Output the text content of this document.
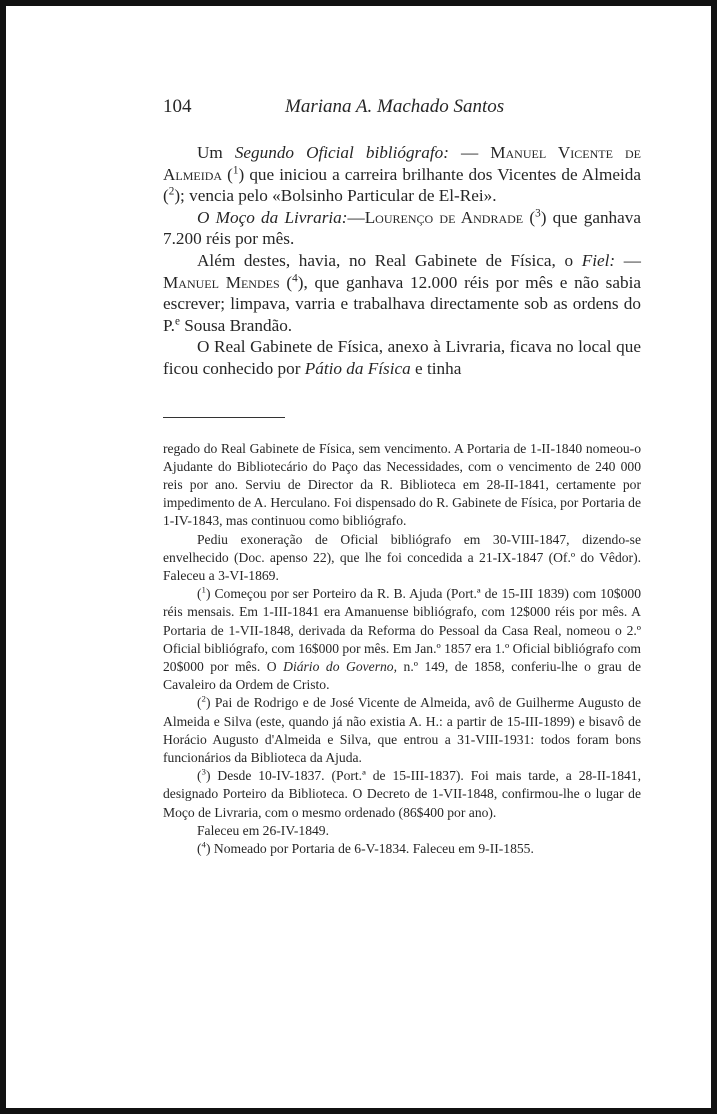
104	Mariana A. Machado Santos

Um Segundo Oficial bibliógrafo: — Manuel Vicente de Almeida ($^1$) que iniciou a carreira brilhante dos Vicentes de Almeida ($^2$); vencia pelo «Bolsinho Particular de El-Rei».

O Moço da Livraria:—Lourenço de Andrade ($^3$) que ganhava 7.200 réis por mês.

Além destes, havia, no Real Gabinete de Física, o Fiel: —Manuel Mendes ($^4$), que ganhava 12.000 réis por mês e não sabia escrever; limpava, varria e trabalhava directamente sob as ordens do P.$^e$ Sousa Brandão.

O Real Gabinete de Física, anexo à Livraria, ficava no local que ficou conhecido por Pátio da Física e tinha

regado do Real Gabinete de Física, sem vencimento. A Portaria de 1-II-1840 nomeou-o Ajudante do Bibliotecário do Paço das Necessidades, com o vencimento de 240 000 reis por ano. Serviu de Director da R. Biblioteca em 28-II-1841, certamente por impedimento de A. Herculano. Foi dispensado do R. Gabinete de Física, por Portaria de 1-IV-1843, mas continuou como bibliógrafo.

Pediu exoneração de Oficial bibliógrafo em 30-VIII-1847, dizendo-se envelhecido (Doc. apenso 22), que lhe foi concedida a 21-IX-1847 (Of.º do Vêdor). Faleceu a 3-VI-1869.

($^1$) Começou por ser Porteiro da R. B. Ajuda (Port.ª de 15-III 1839) com 10$000 réis mensais. Em 1-III-1841 era Amanuense bibliógrafo, com 12$000 réis por mês. A Portaria de 1-VII-1848, derivada da Reforma do Pessoal da Casa Real, nomeou o 2.º Oficial bibliógrafo, com 16$000 por mês. Em Jan.º 1857 era 1.º Oficial bibliógrafo com 20$000 por mês. O Diário do Governo, n.º 149, de 1858, conferiu-lhe o grau de Cavaleiro da Ordem de Cristo.

($^2$) Pai de Rodrigo e de José Vicente de Almeida, avô de Guilherme Augusto de Almeida e Silva (este, quando já não existia A. H.: a partir de 15-III-1899) e bisavô de Horácio Augusto d'Almeida e Silva, que entrou a 31-VIII-1931: todos foram bons funcionários da Biblioteca da Ajuda.

($^3$) Desde 10-IV-1837. (Port.ª de 15-III-1837). Foi mais tarde, a 28-II-1841, designado Porteiro da Biblioteca. O Decreto de 1-VII-1848, confirmou-lhe o lugar de Moço de Livraria, com o mesmo ordenado (86$400 por ano).

Faleceu em 26-IV-1849.

($^4$) Nomeado por Portaria de 6-V-1834. Faleceu em 9-II-1855.
